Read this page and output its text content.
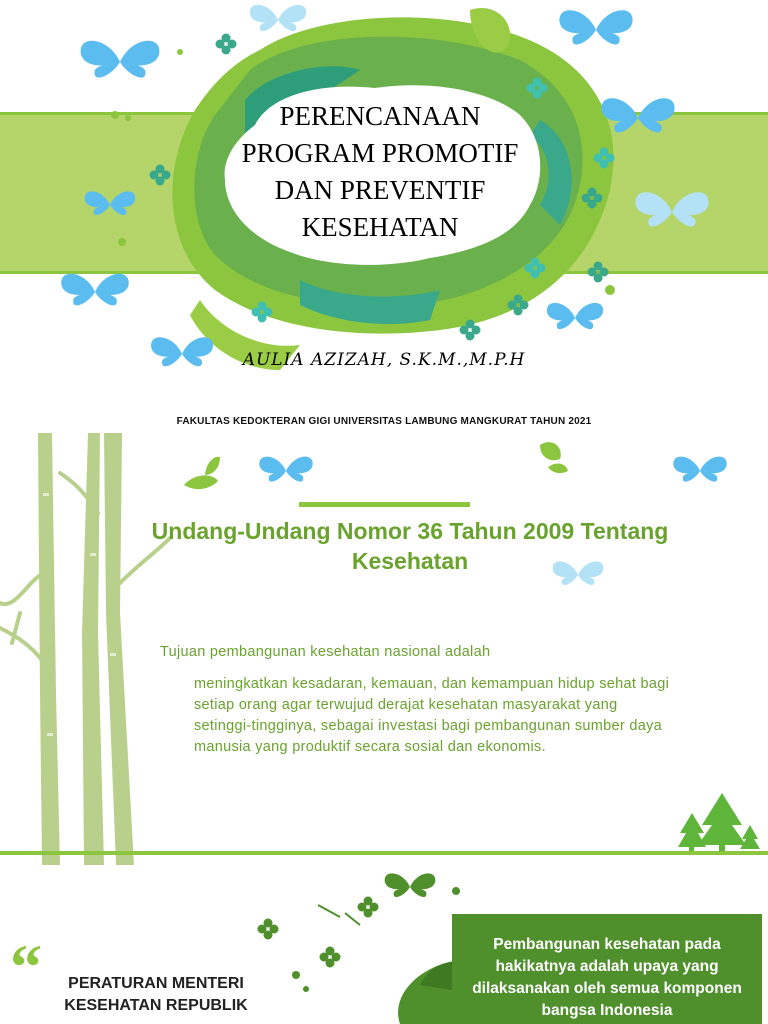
PERENCANAAN PROGRAM PROMOTIF DAN PREVENTIF KESEHATAN
AULIA AZIZAH, S.K.M.,M.P.H
FAKULTAS KEDOKTERAN GIGI UNIVERSITAS LAMBUNG MANGKURAT TAHUN 2021
Undang-Undang Nomor 36 Tahun 2009 Tentang Kesehatan
Tujuan pembangunan kesehatan nasional adalah
meningkatkan kesadaran, kemauan, dan kemampuan hidup sehat bagi setiap orang agar terwujud derajat kesehatan masyarakat yang setinggi-tingginya, sebagai investasi bagi pembangunan sumber daya manusia yang produktif secara sosial dan ekonomis.
“	PERATURAN MENTERI KESEHATAN REPUBLIK
Pembangunan kesehatan pada hakikatnya adalah upaya yang dilaksanakan oleh semua komponen bangsa Indonesia
